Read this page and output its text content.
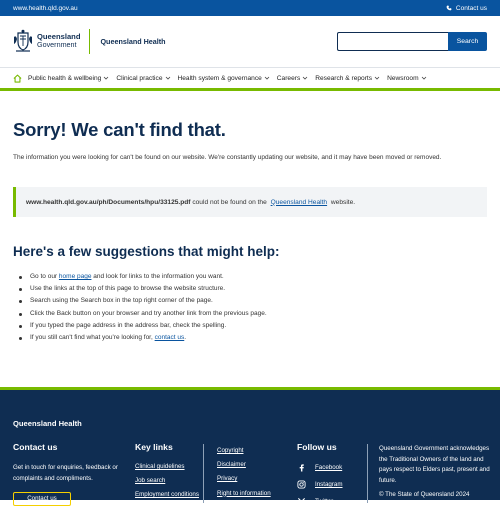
www.health.qld.gov.au	Contact us
Queensland
Government	Queensland Health	Search
Public health & wellbeing Clinical practice Health system & governance Careers Research & reports Newsroom
Sorry! We can't find that.

The information you were looking for can't be found on our website. We're constantly updating our website, and it may have been moved or removed.

www.health.qld.gov.au/ph/Documents/hpu/33125.pdf could not be found on the Queensland Health website.
Here's a few suggestions that might help:
Go to our home page and look for links to the information you want.
Use the links at the top of this page to browse the website structure.
Search using the Search box in the top right corner of the page.
Click the Back button on your browser and try another link from the previous page.
If you typed the page address in the address bar, check the spelling.
If you still can't find what you're looking for, contact us.
Queensland Health
Contact us

Get in touch for enquiries, feedback or complaints and compliments.

Contact us
Key links
Clinical guidelines
Job search
Employment conditions
Copyright
Disclaimer
Privacy
Right to information
Follow us
Facebook
Instagram
Twitter

Queensland Government acknowledges the Traditional Owners of the land and pays respect to Elders past, present and future.

© The State of Queensland 2024
